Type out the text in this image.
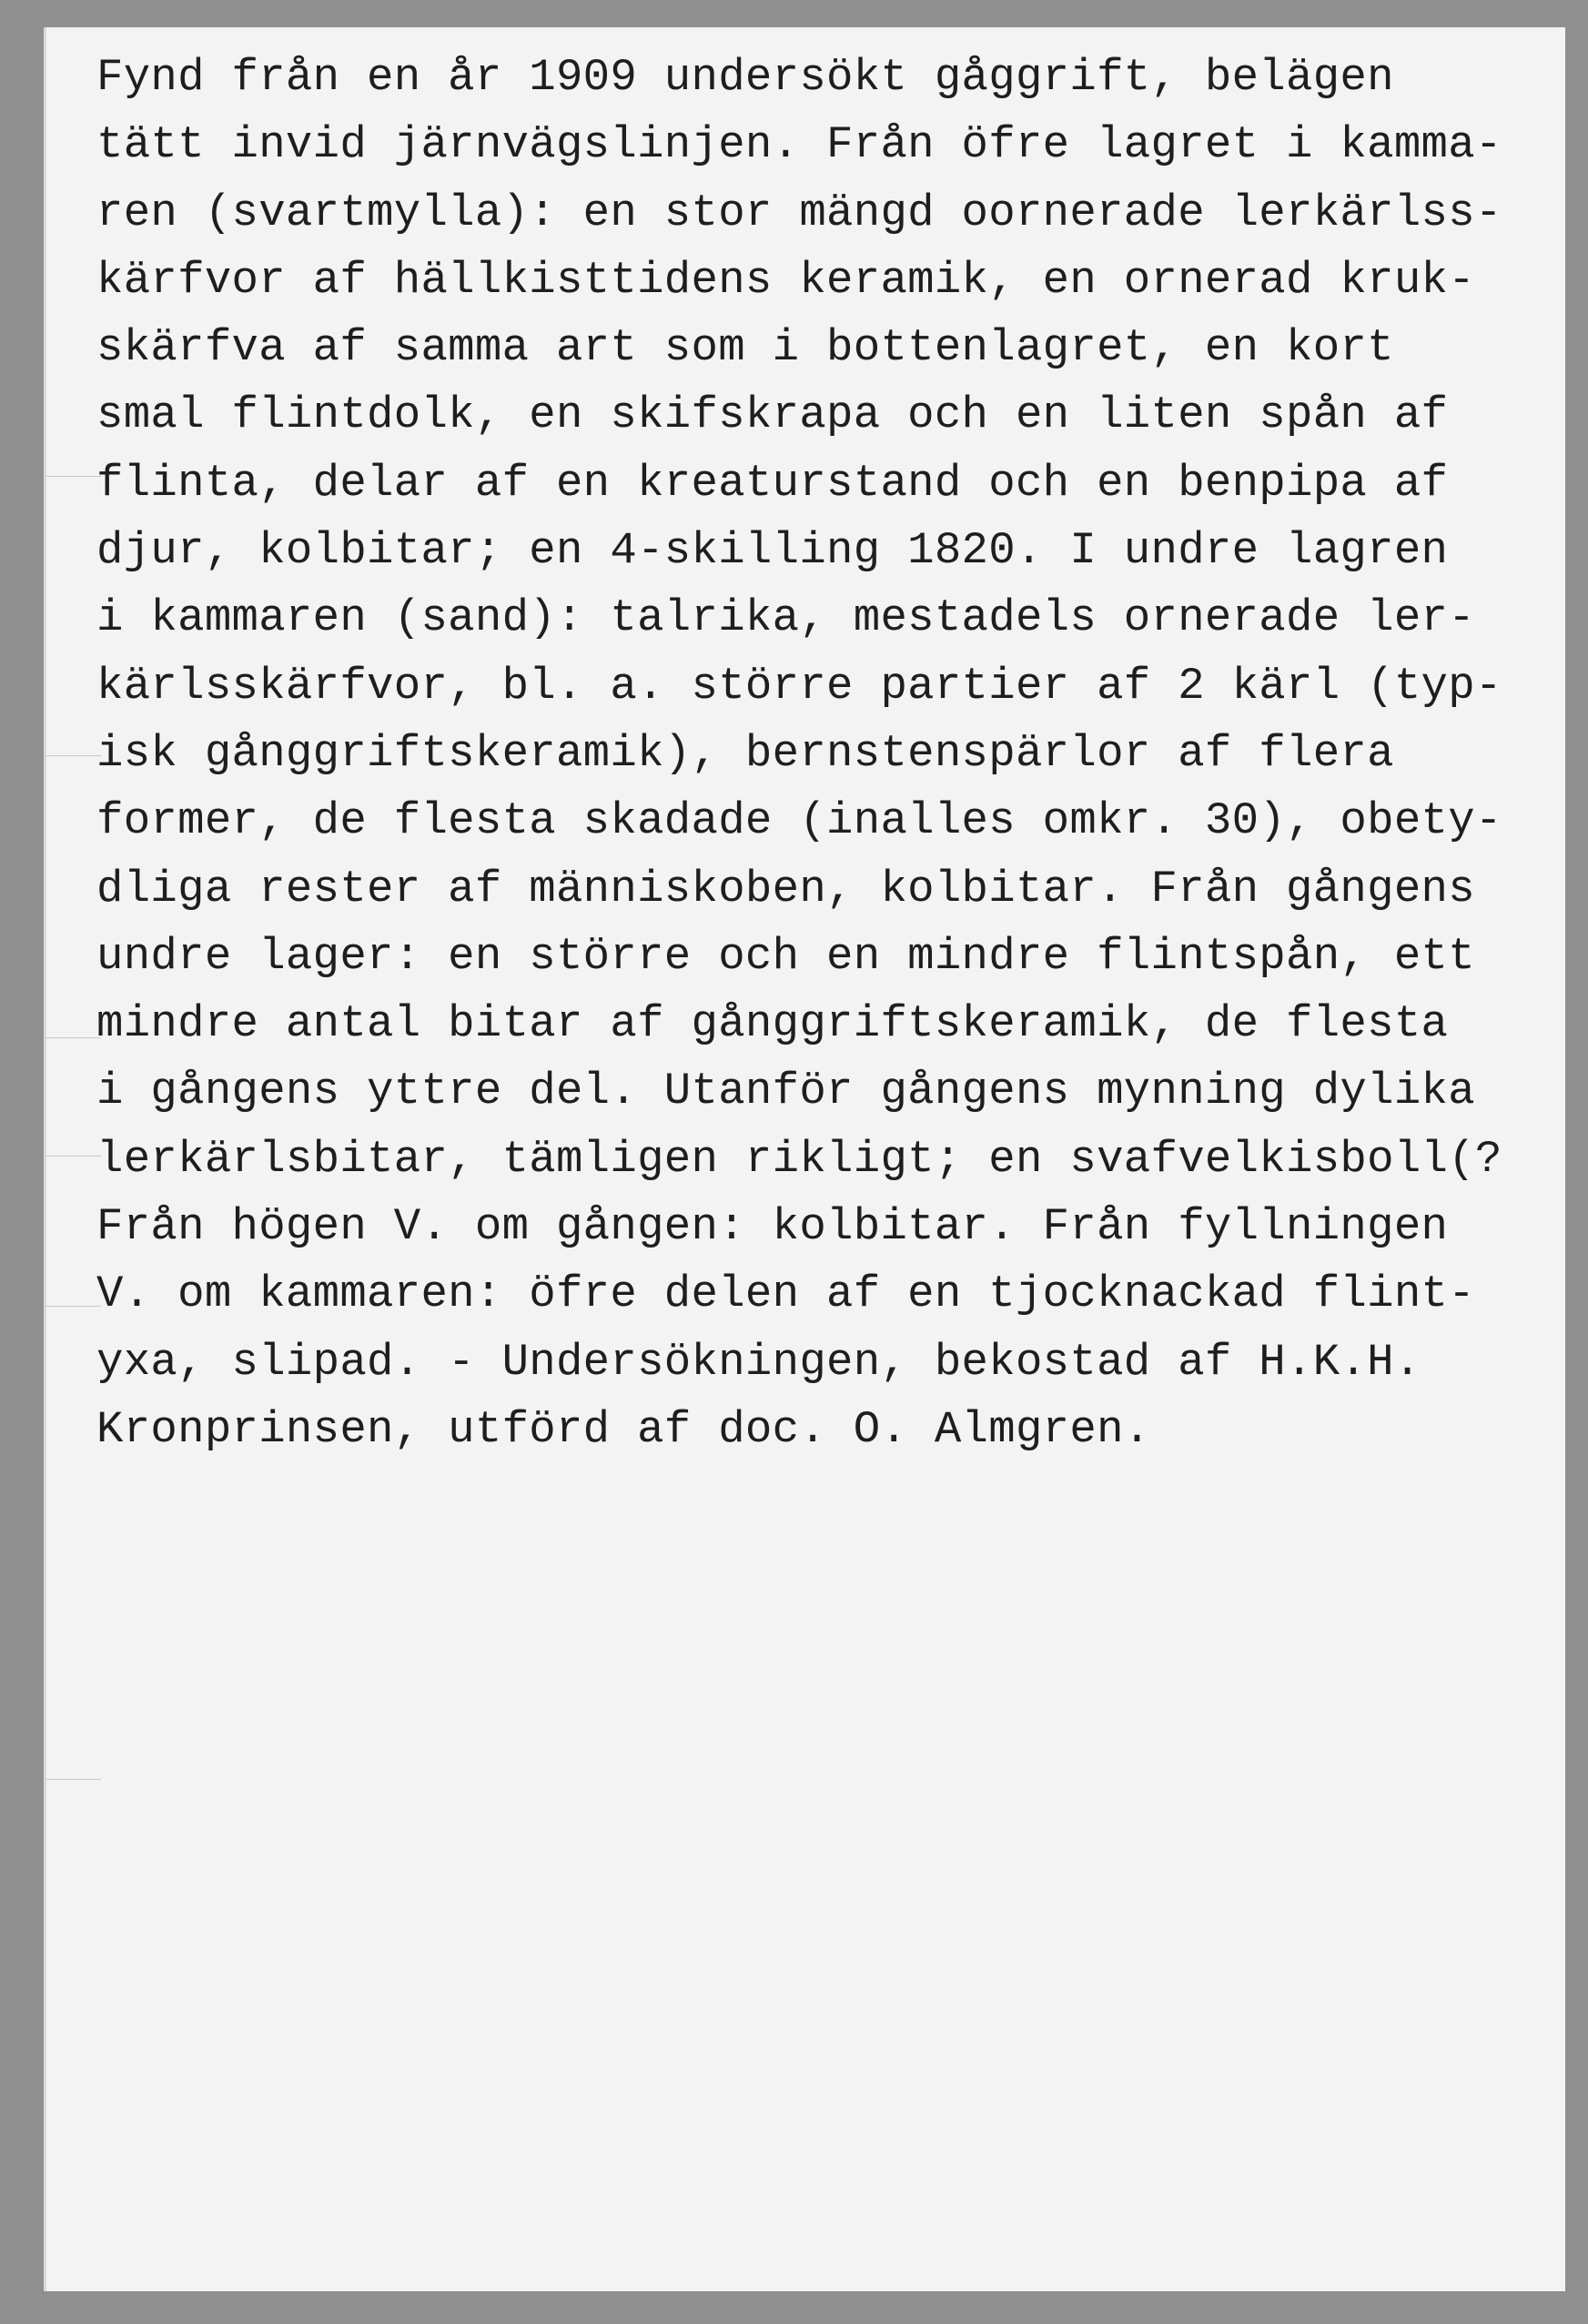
Fynd från en år 1909 undersökt gåggrift, belägen
tätt invid järnvägslinjen. Från öfre lagret i kamma-
ren (svartmylla): en stor mängd oornerade lerkärlss-
kärfvor af hällkisttidens keramik, en ornerad kruk-
skärfva af samma art som i bottenlagret, en kort
smal flintdolk, en skifskrapa och en liten spån af
flinta, delar af en kreaturstand och en benpipa af
djur, kolbitar; en 4-skilling 1820. I undre lagren
i kammaren (sand): talrika, mestadels ornerade ler-
kärlsskärfvor, bl. a. större partier af 2 kärl (typ-
isk gånggriftskeramik), bernstenspärlor af flera
former, de flesta skadade (inalles omkr. 30), obety-
dliga rester af människoben, kolbitar. Från gångens
undre lager: en större och en mindre flintspån, ett
mindre antal bitar af gånggriftskeramik, de flesta
i gångens yttre del. Utanför gångens mynning dylika
lerkärlsbitar, tämligen rikligt; en svafvelkisboll(?
Från högen V. om gången: kolbitar. Från fyllningen
V. om kammaren: öfre delen af en tjocknackad flint-
yxa, slipad. - Undersökningen, bekostad af H.K.H.
Kronprinsen, utförd af doc. O. Almgren.
